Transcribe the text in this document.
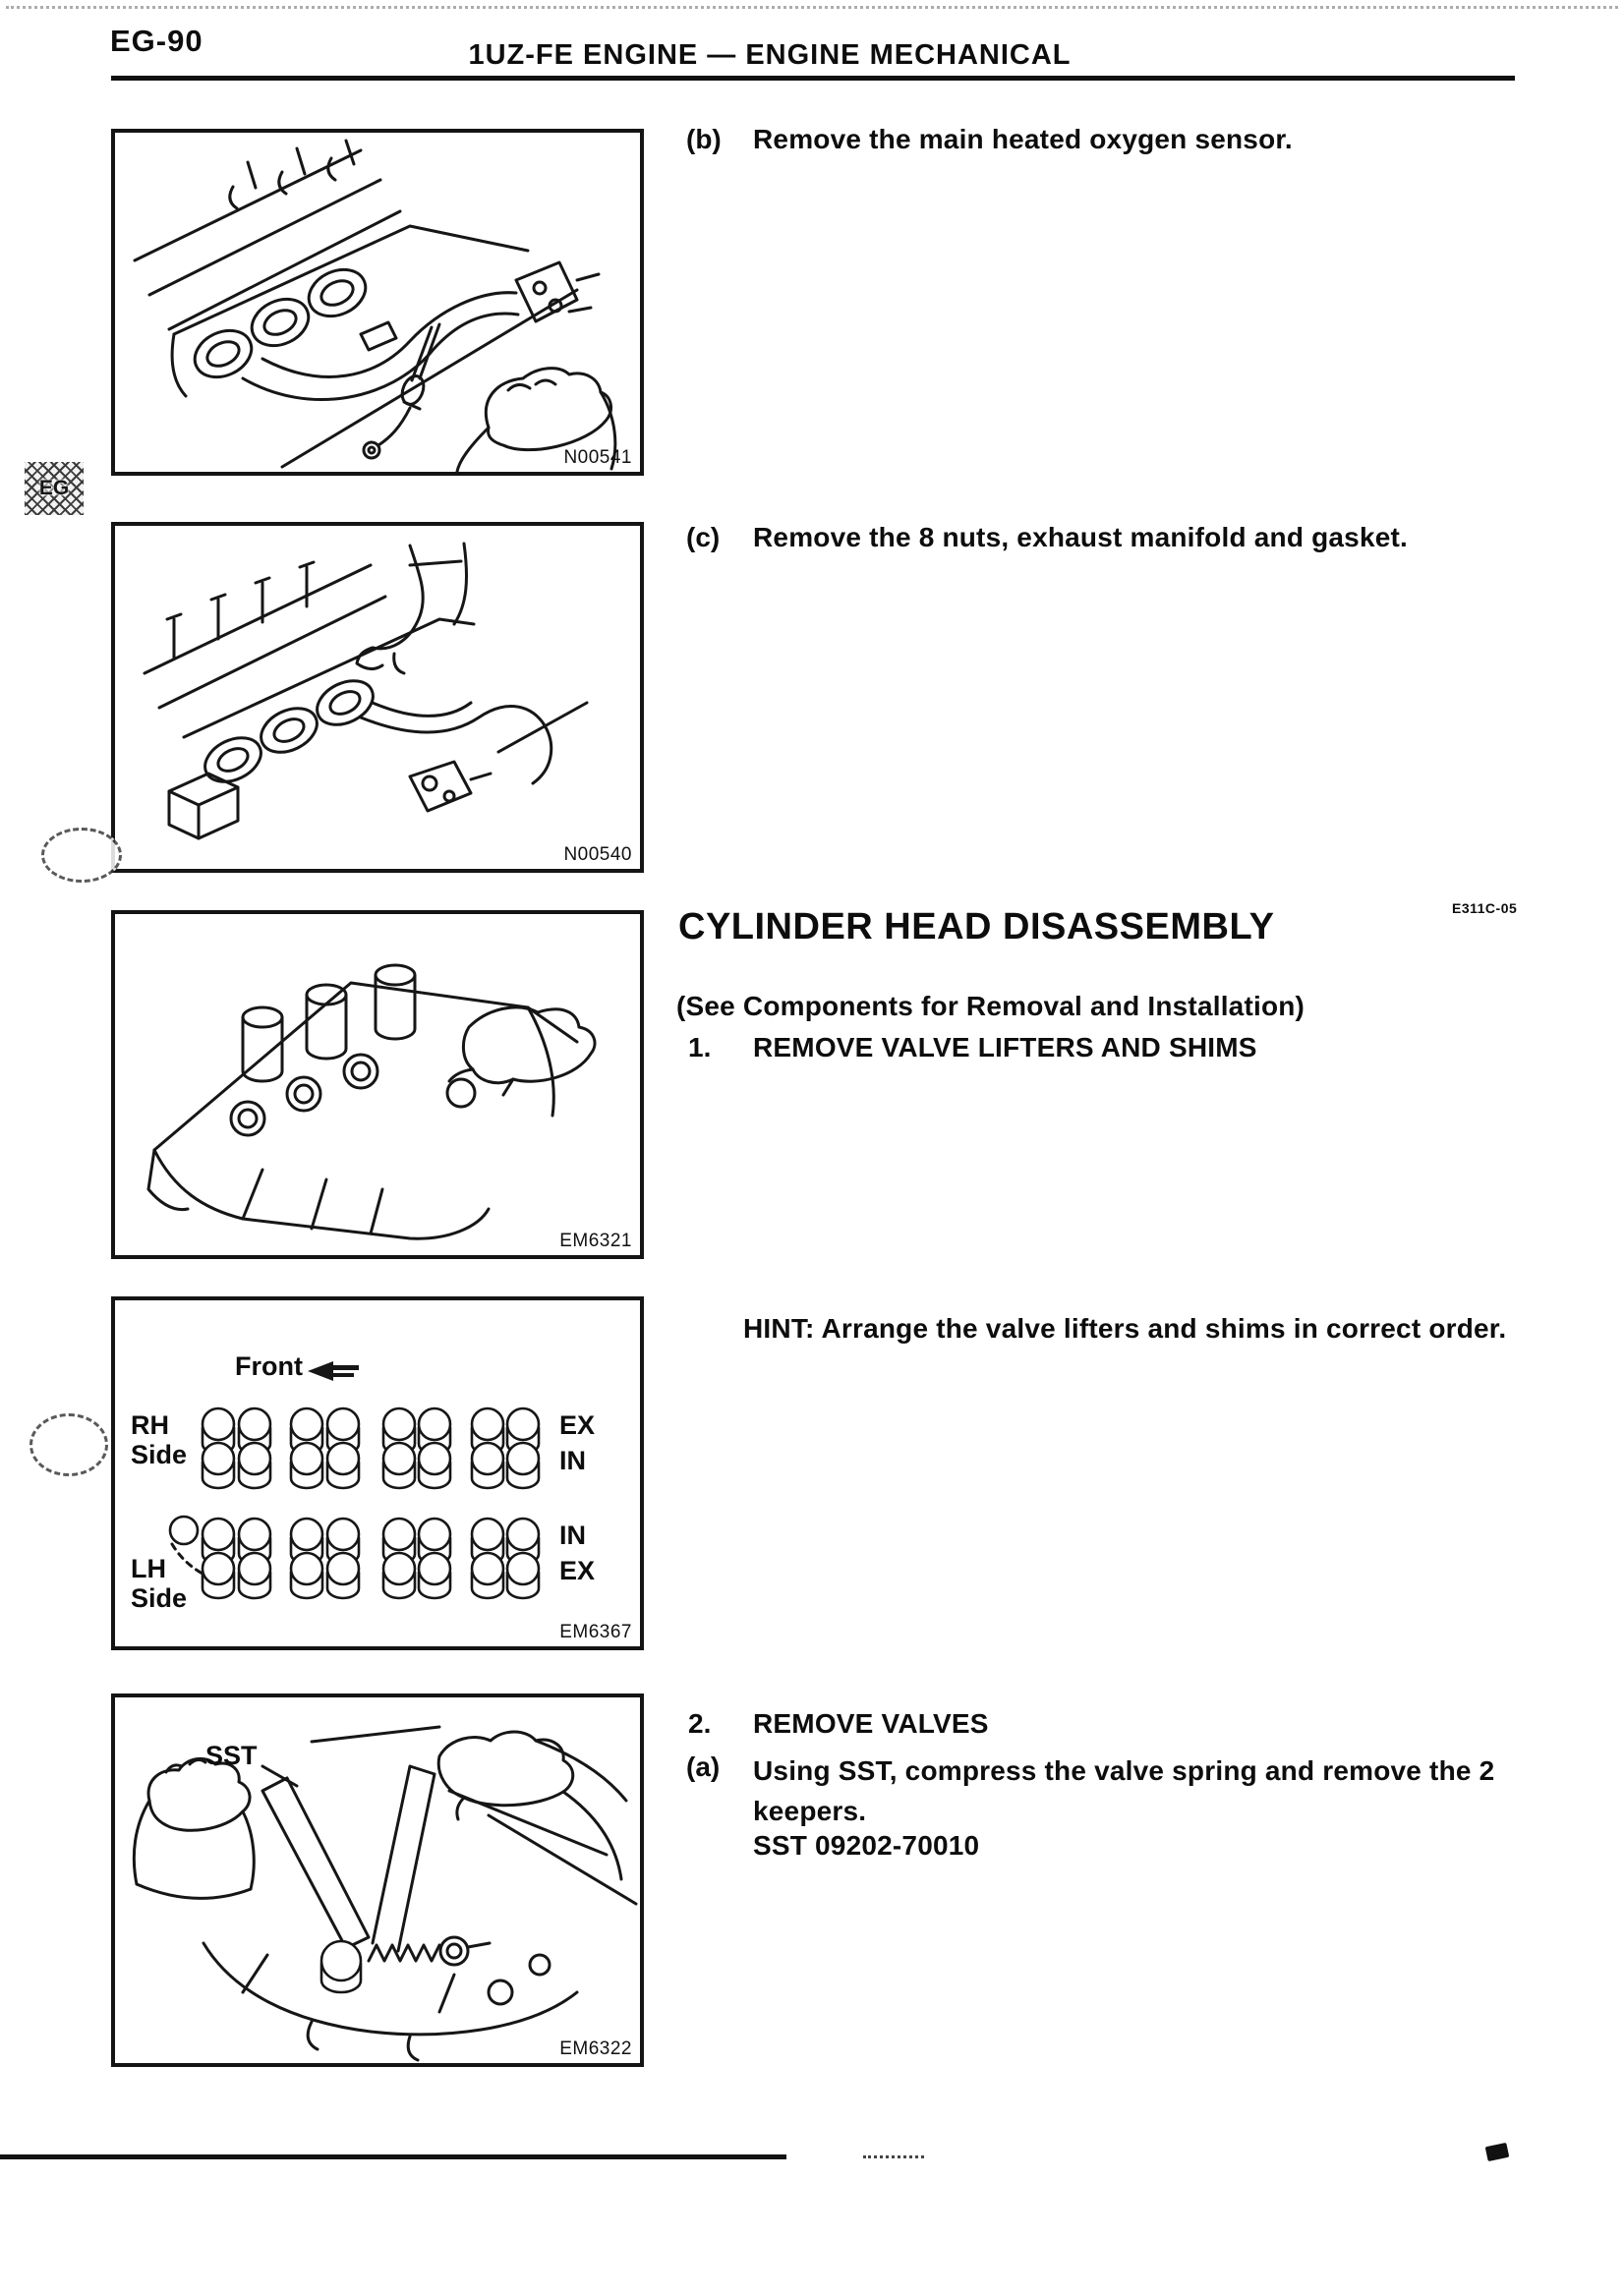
EG-90	1UZ-FE ENGINE — ENGINE MECHANICAL
EG
N00541
(b) Remove the main heated oxygen sensor.
N00540
(c) Remove the 8 nuts, exhaust manifold and gasket.
EM6321
CYLINDER HEAD DISASSEMBLY	E311C-05
(See Components for Removal and Installation)
1. REMOVE VALVE LIFTERS AND SHIMS
Front
RH Side
LH Side
EX
IN
IN
EX
EM6367
HINT: Arrange the valve lifters and shims in correct order.
SST
EM6322
2. REMOVE VALVES
(a) Using SST, compress the valve spring and remove the 2 keepers.
SST 09202-70010
